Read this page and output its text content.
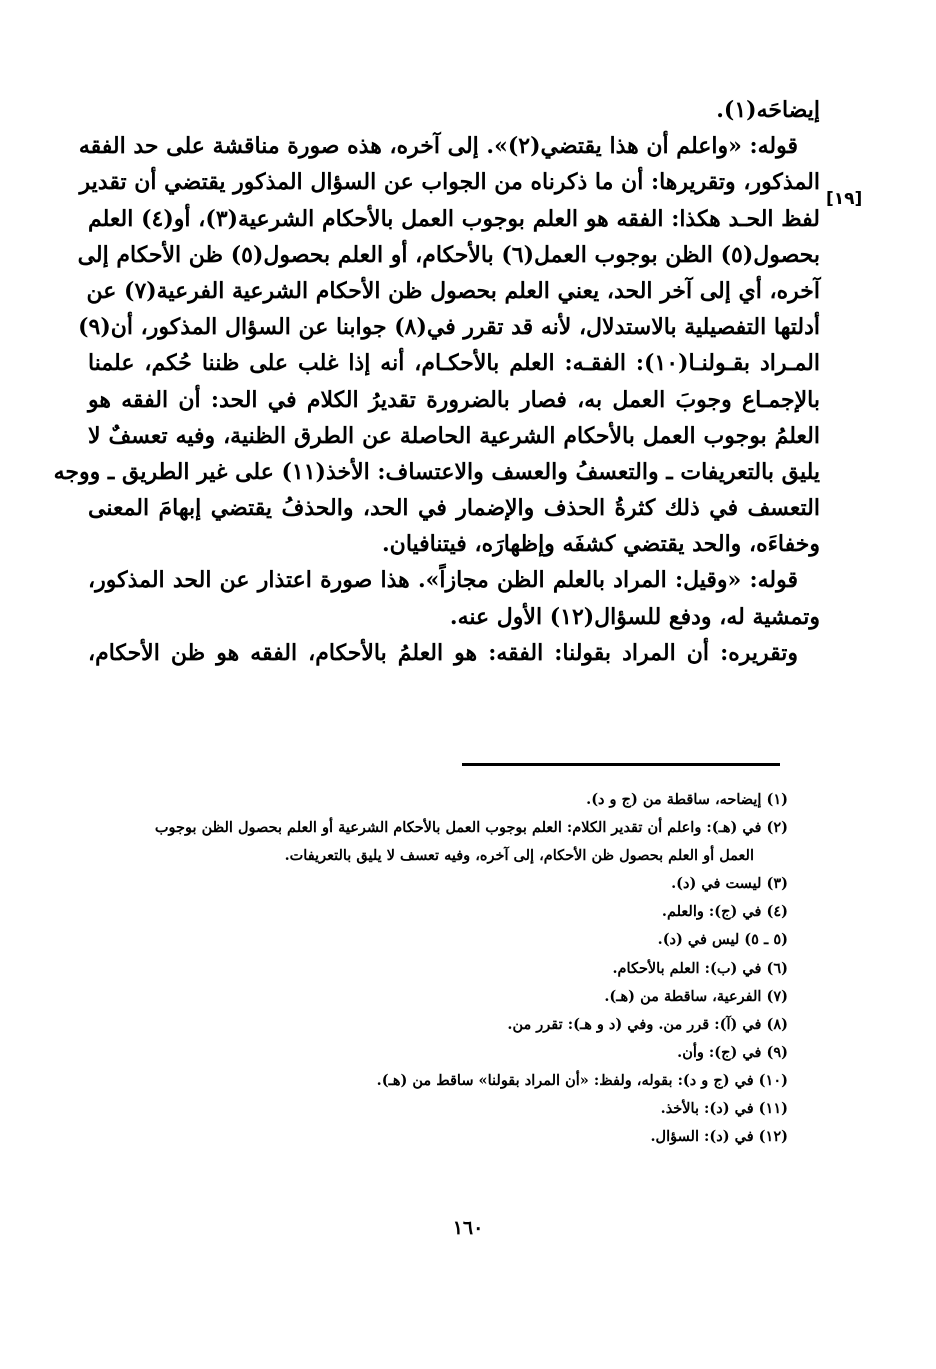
إيضاحَه(١).
قوله: «واعلم أن هذا يقتضي(٢)». إلى آخره، هذه صورة مناقشة على حد الفقه
المذكور، وتقريرها: أن ما ذكرناه من الجواب عن السؤال المذكور يقتضي أن تقدير
لفظ الحـد هكذا: الفقه هو العلم بوجوب العمل بالأحكام الشرعية(٣)، أو(٤) العلم
بحصول(٥) الظن بوجوب العمل(٦) بالأحكام، أو العلم بحصول(٥) ظن الأحكام إلى
آخره، أي إلى آخر الحد، يعني العلم بحصول ظن الأحكام الشرعية الفرعية(٧) عن
أدلتها التفصيلية بالاستدلال، لأنه قد تقرر في(٨) جوابنا عن السؤال المذكور، أن(٩)
المـراد بقـولنـا(١٠): الفقـه: العلم بالأحكـام، أنه إذا غلب على ظننا حُكم، علمنا
بالإجمـاع وجوبَ العمل به، فصار بالضرورة تقديرُ الكلام في الحد: أن الفقه هو
العلمُ بوجوب العمل بالأحكام الشرعية الحاصلة عن الطرق الظنية، وفيه تعسفٌ لا
يليق بالتعريفات ـ والتعسفُ والعسف والاعتساف: الأخذ(١١) على غير الطريق ـ ووجه
التعسف في ذلك كثرةُ الحذف والإضمار في الحد، والحذفُ يقتضي إبهامَ المعنى
وخفاءَه، والحد يقتضي كشفَه وإظهارَه، فيتنافيان.
قوله: «وقيل: المراد بالعلم الظن مجازاً». هذا صورة اعتذار عن الحد المذكور،
وتمشية له، ودفع للسؤال(١٢) الأول عنه.
وتقريره: أن المراد بقولنا: الفقه: هو العلمُ بالأحكام، الفقه هو ظن الأحكام،
[١٩]
(١) إيضاحه، ساقطة من (ج و د).
(٢) في (هـ): واعلم أن تقدير الكلام: العلم بوجوب العمل بالأحكام الشرعية أو العلم بحصول الظن بوجوب
العمل أو العلم بحصول ظن الأحكام، إلى آخره، وفيه تعسف لا يليق بالتعريفات.
(٣) ليست في (د).
(٤) في (ج): والعلم.
(٥ ـ ٥) ليس في (د).
(٦) في (ب): العلم بالأحكام.
(٧) الفرعية، ساقطة من (هـ).
(٨) في (آ): قرر من. وفي (د و هـ): تقرر من.
(٩) في (ج): وأن.
(١٠) في (ج و د): بقوله، ولفظ: «أن المراد بقولنا» ساقط من (هـ).
(١١) في (د): بالأخذ.
(١٢) في (د): السؤال.
١٦٠
